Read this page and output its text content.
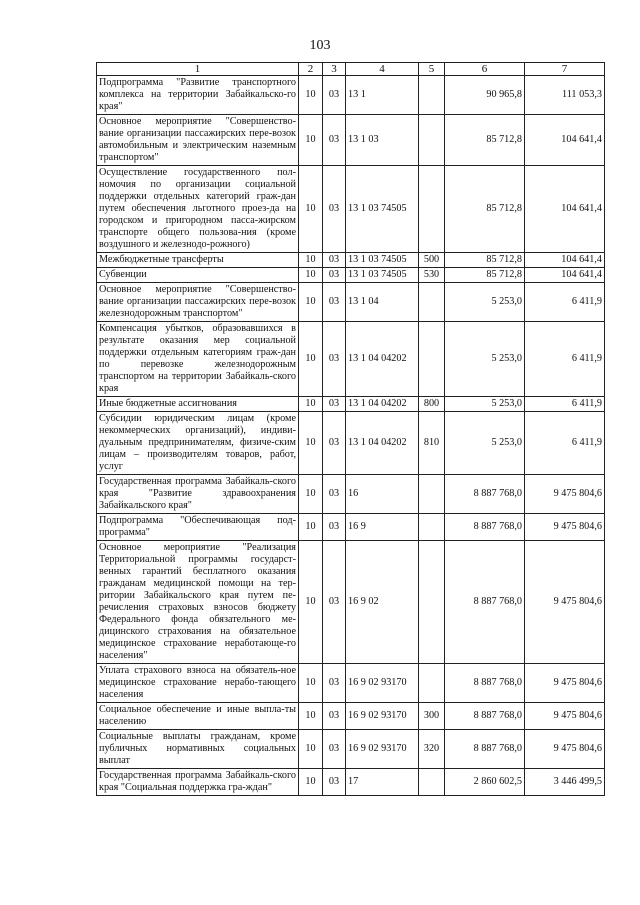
103
1	2	3	4	5	6	7
Подпрограмма "Развитие транспортного комплекса на территории Забайкальско-го края"	10	03	13 1		90 965,8	111 053,3
Основное мероприятие "Совершенство-вание организации пассажирских пере-возок автомобильным и электрическим наземным транспортом"	10	03	13 1 03		85 712,8	104 641,4
Осуществление государственного пол-номочия по организации социальной поддержки отдельных категорий граж-дан путем обеспечения льготного проез-да на городском и пригородном пасса-жирском транспорте общего пользова-ния (кроме воздушного и железнодо-рожного)	10	03	13 1 03 74505		85 712,8	104 641,4
Межбюджетные трансферты	10	03	13 1 03 74505	500	85 712,8	104 641,4
Субвенции	10	03	13 1 03 74505	530	85 712,8	104 641,4
Основное мероприятие "Совершенство-вание организации пассажирских пере-возок железнодорожным транспортом"	10	03	13 1 04		5 253,0	6 411,9
Компенсация убытков, образовавшихся в результате оказания мер социальной поддержки отдельным категориям граж-дан по перевозке железнодорожным транспортом на территории Забайкаль-ского края	10	03	13 1 04 04202		5 253,0	6 411,9
Иные бюджетные ассигнования	10	03	13 1 04 04202	800	5 253,0	6 411,9
Субсидии юридическим лицам (кроме некоммерческих организаций), индиви-дуальным предпринимателям, физиче-ским лицам – производителям товаров, работ, услуг	10	03	13 1 04 04202	810	5 253,0	6 411,9
Государственная программа Забайкаль-ского края "Развитие здравоохранения Забайкальского края"	10	03	16		8 887 768,0	9 475 804,6
Подпрограмма "Обеспечивающая под-программа"	10	03	16 9		8 887 768,0	9 475 804,6
Основное мероприятие "Реализация Территориальной программы государст-венных гарантий бесплатного оказания гражданам медицинской помощи на тер-ритории Забайкальского края путем пе-речисления страховых взносов бюджету Федерального фонда обязательного ме-дицинского страхования на обязательное медицинское страхование неработающе-го населения"	10	03	16 9 02		8 887 768,0	9 475 804,6
Уплата страхового взноса на обязатель-ное медицинское страхование нерабо-тающего населения	10	03	16 9 02 93170		8 887 768,0	9 475 804,6
Социальное обеспечение и иные выпла-ты населению	10	03	16 9 02 93170	300	8 887 768,0	9 475 804,6
Социальные выплаты гражданам, кроме публичных нормативных социальных выплат	10	03	16 9 02 93170	320	8 887 768,0	9 475 804,6
Государственная программа Забайкаль-ского края "Социальная поддержка гра-ждан"	10	03	17		2 860 602,5	3 446 499,5
